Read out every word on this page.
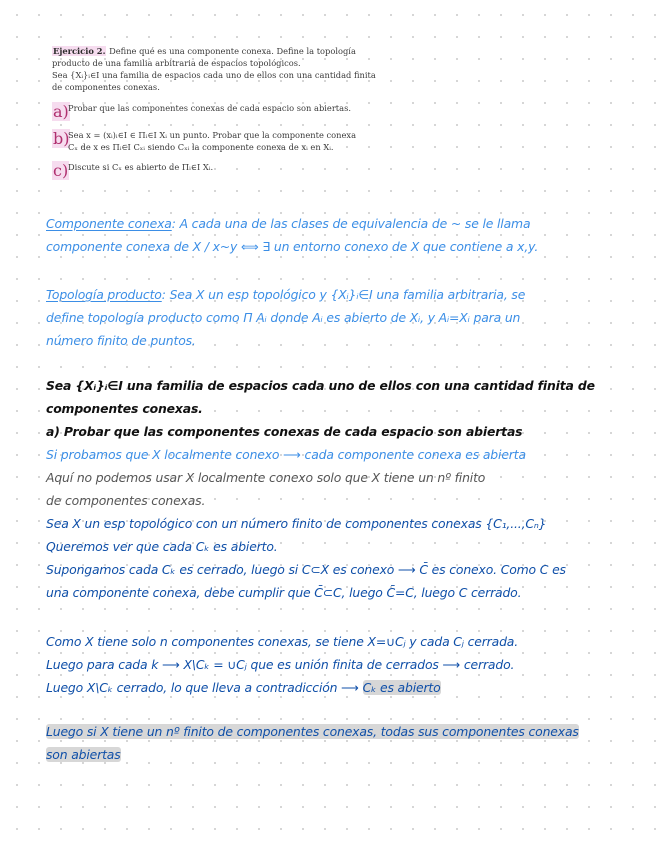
Ejercicio 2. Define qué es una componente conexa. Define la topología

producto de una familia arbitraria de espacios topológicos.

Sea {Xᵢ}ᵢ∈I una familia de espacios cada uno de ellos con una cantidad finita

de componentes conexas.

a) Probar que las componentes conexas de cada espacio son abiertas.
b)
Sea x = (xᵢ)ᵢ∈I ∈ Πᵢ∈I Xᵢ un punto. Probar que la componente conexa
Cₓ de x es Πᵢ∈I Cₓᵢ siendo Cₓᵢ la componente conexa de xᵢ en Xᵢ.
c) Discute si Cₓ es abierto de Πᵢ∈I Xᵢ.

Componente conexa: A cada una de las clases de equivalencia de ~ se le llama

componente conexa de X / x~y ⟺ ∃ un entorno conexo de X que contiene a x,y.

Topología producto: Sea X un esp topológico y {Xᵢ}ᵢ∈I una familia arbitraria, se

define topología producto como Π Aᵢ donde Aᵢ es abierto de Xᵢ, y Aᵢ=Xᵢ para un

número finito de puntos.

Sea {Xᵢ}ᵢ∈I una familia de espacios cada uno de ellos con una cantidad finita de

componentes conexas.

a) Probar que las componentes conexas de cada espacio son abiertas

Si probamos que X localmente conexo ⟶ cada componente conexa es abierta

Aquí no podemos usar X localmente conexo solo que X tiene un nº finito

de componentes conexas.

Sea X un esp topológico con un número finito de componentes conexas {C₁,...,Cₙ}

Queremos ver que cada Cₖ es abierto.

Supongamos cada Cₖ es cerrado, luego si C⊂X es conexo ⟶ C̄ es conexo. Como C es

una componente conexa, debe cumplir que C̄⊂C, luego C̄=C, luego C cerrado.

Como X tiene solo n componentes conexas, se tiene X=∪Cⱼ y cada Cⱼ cerrada.

Luego para cada k ⟶ X\Cₖ = ∪Cⱼ que es unión finita de cerrados ⟶ cerrado.

Luego X\Cₖ cerrado, lo que lleva a contradicción ⟶ Cₖ es abierto

Luego si X tiene un nº finito de componentes conexas, todas sus componentes conexas

son abiertas
